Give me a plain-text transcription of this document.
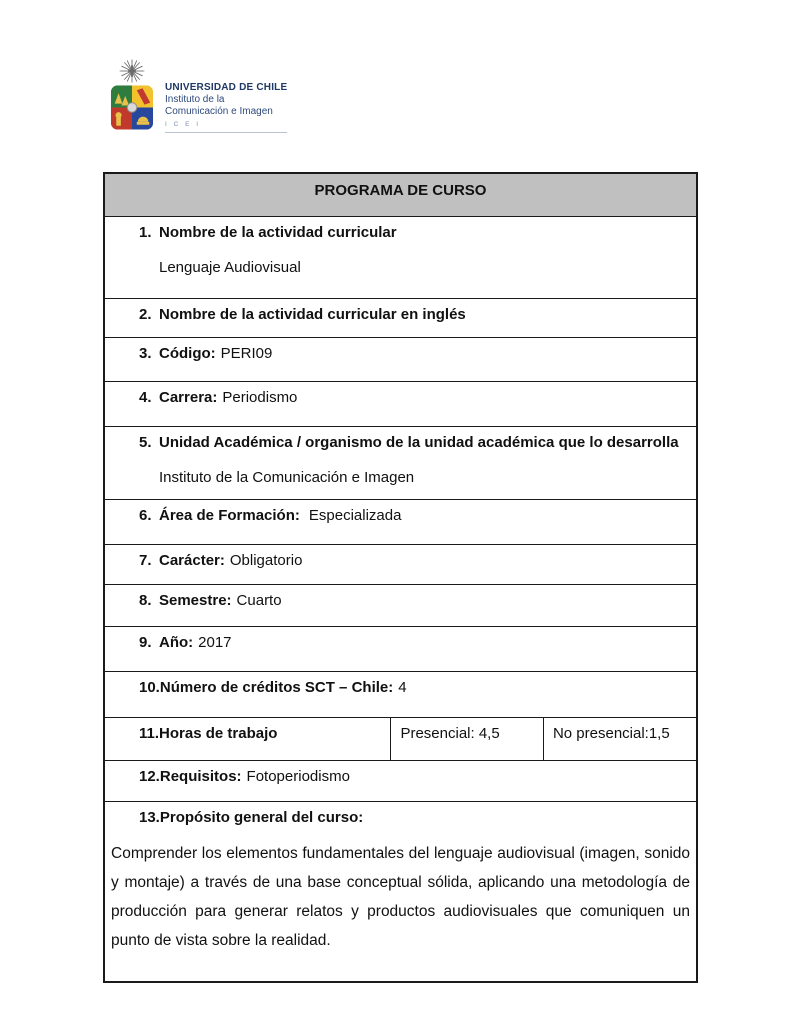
UNIVERSIDAD DE CHILE
Instituto de la
Comunicación e Imagen
I C E I
PROGRAMA DE CURSO

1. Nombre de la actividad curricular
Lenguaje Audiovisual

2. Nombre de la actividad curricular en inglés

3. Código: PERI09

4. Carrera: Periodismo

5. Unidad Académica / organismo de la unidad académica que lo desarrolla
Instituto de la Comunicación e Imagen

6. Área de Formación: Especializada

7. Carácter: Obligatorio

8. Semestre: Cuarto

9. Año: 2017

10.Número de créditos SCT – Chile: 4

11.Horas de trabajo	Presencial: 4,5	No presencial:1,5

12.Requisitos: Fotoperiodismo

13.Propósito general del curso:
Comprender los elementos fundamentales del lenguaje audiovisual (imagen, sonido y montaje) a través de una base conceptual sólida, aplicando una metodología de producción para generar relatos y productos audiovisuales que comuniquen un punto de vista sobre la realidad.
